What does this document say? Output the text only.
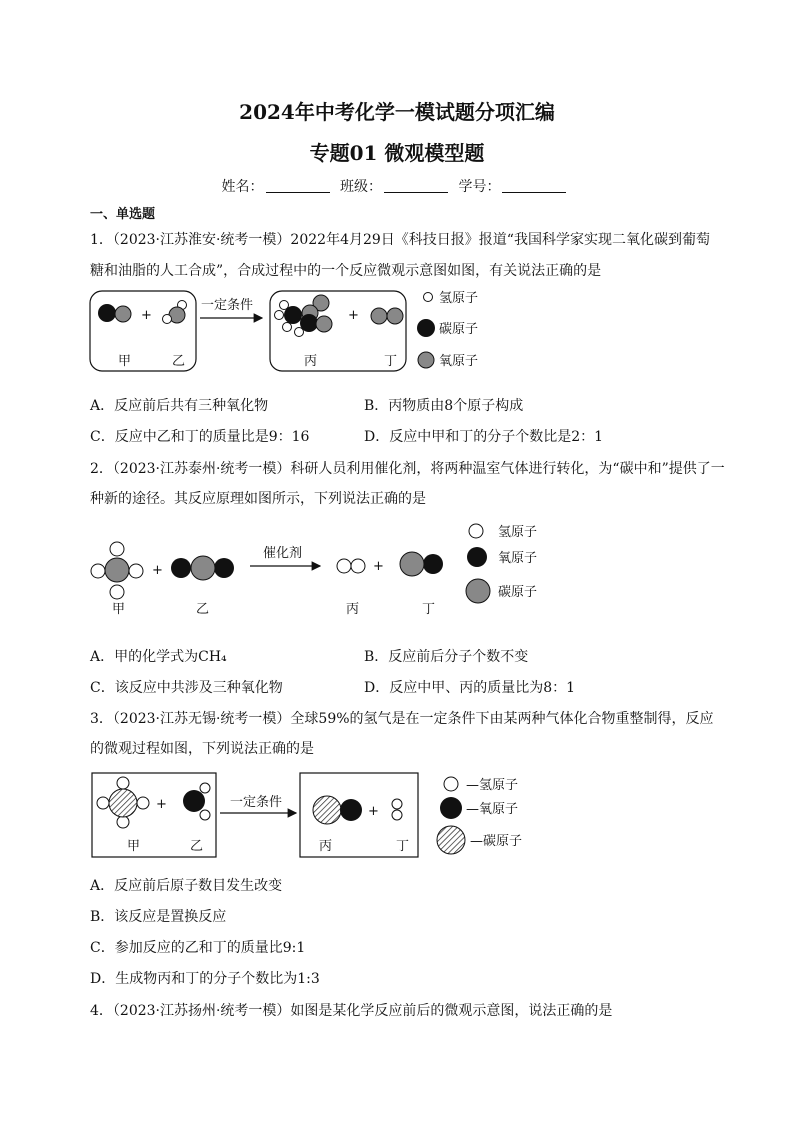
2024年中考化学一模试题分项汇编
专题01 微观模型题
姓名：	班级：	学号：
一、单选题
1．（2023·江苏淮安·统考一模）2022年4月29日《科技日报》报道“我国科学家实现二氧化碳到葡萄
糖和油脂的人工合成”，合成过程中的一个反应微观示意图如图，有关说法正确的是
+
甲	乙
一定条件
+
丙	丁
氢原子
碳原子
氧原子
+
甲	乙
催化剂
+
丙	丁
氢原子
氧原子
碳原子
+
甲	乙
一定条件
+
丙	丁
—氢原子
—氧原子
—碳原子
A．反应前后共有三种氧化物	B．丙物质由8个原子构成
C．反应中乙和丁的质量比是9：16	D．反应中甲和丁的分子个数比是2：1
2．（2023·江苏泰州·统考一模）科研人员利用催化剂，将两种温室气体进行转化，为“碳中和”提供了一
种新的途径。其反应原理如图所示，下列说法正确的是
A．甲的化学式为CH₄	B．反应前后分子个数不变
C．该反应中共涉及三种氧化物	D．反应中甲、丙的质量比为8：1
3．（2023·江苏无锡·统考一模）全球59%的氢气是在一定条件下由某两种气体化合物重整制得，反应
的微观过程如图，下列说法正确的是
A．反应前后原子数目发生改变
B．该反应是置换反应
C．参加反应的乙和丁的质量比9:1
D．生成物丙和丁的分子个数比为1:3
4．（2023·江苏扬州·统考一模）如图是某化学反应前后的微观示意图，说法正确的是
